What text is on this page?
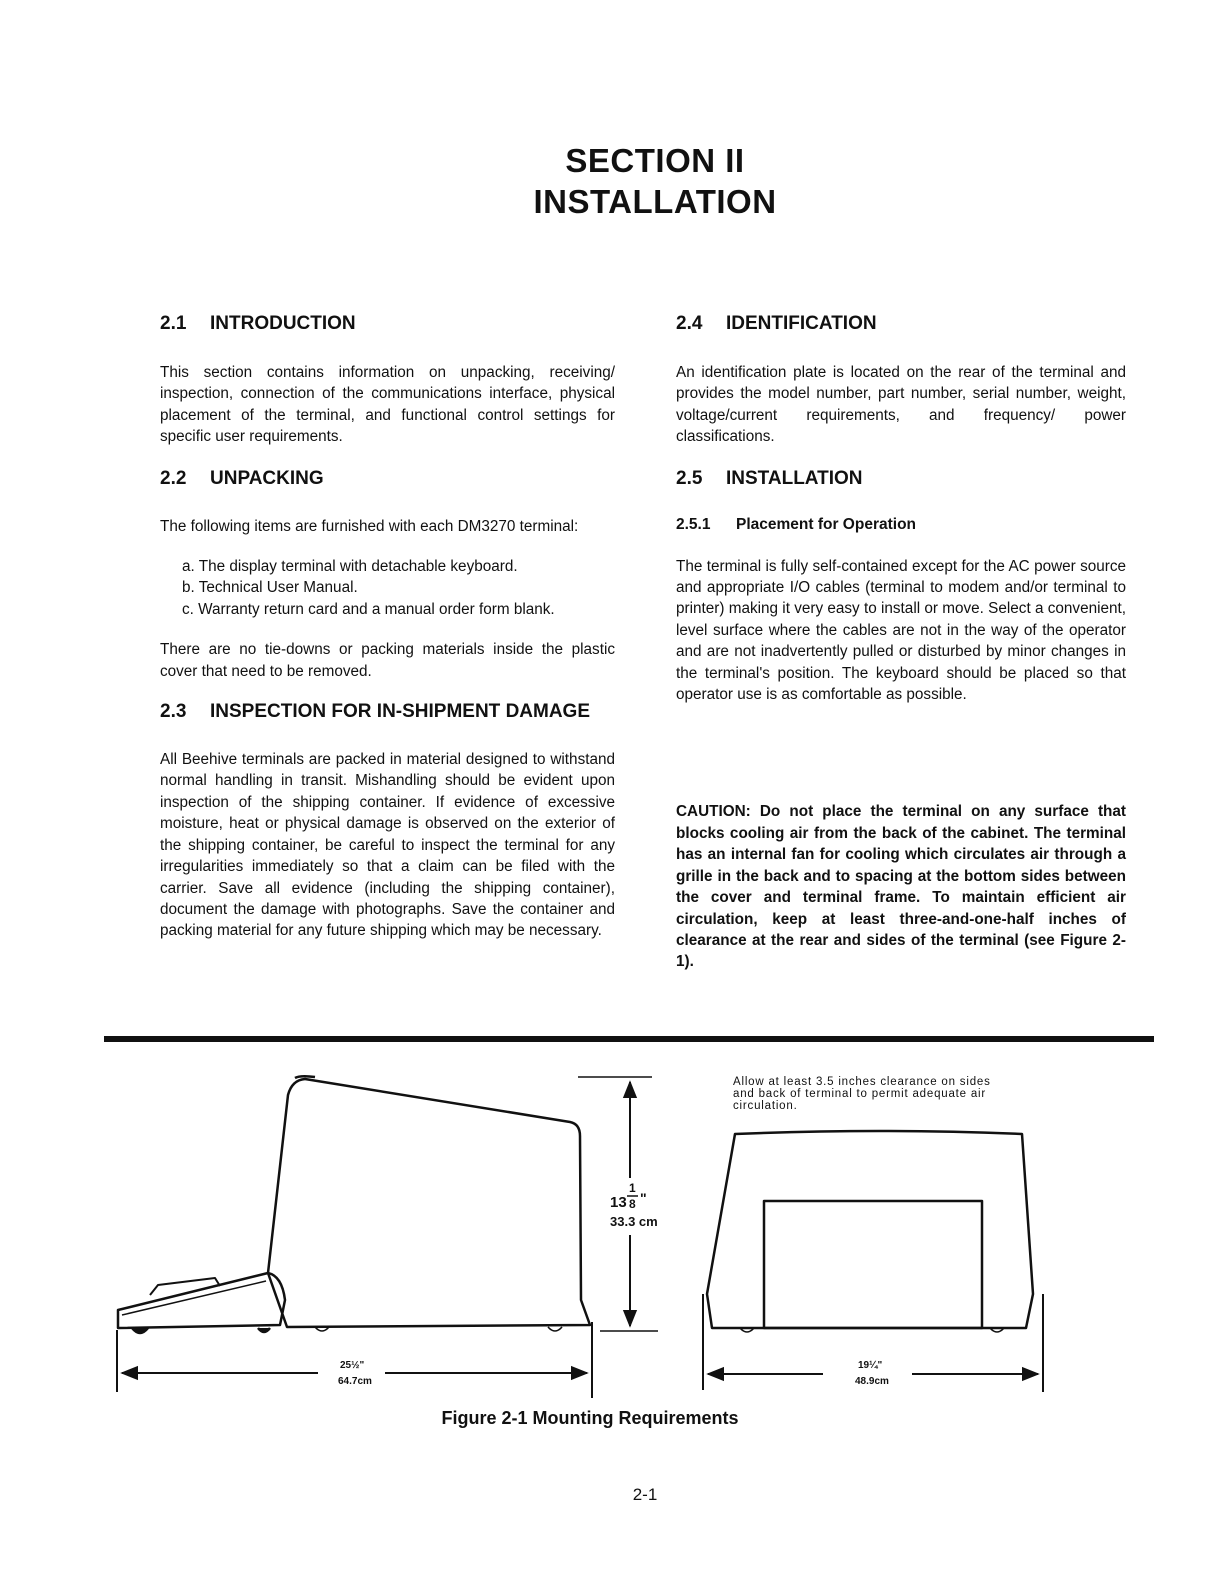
SECTION II
INSTALLATION
2.1 INTRODUCTION

This section contains information on unpacking, receiving/ inspection, connection of the communications interface, physical placement of the terminal, and functional control settings for specific user requirements.

2.2 UNPACKING

The following items are furnished with each DM3270 terminal:

a. The display terminal with detachable keyboard.
b. Technical User Manual.
c. Warranty return card and a manual order form blank.

There are no tie-downs or packing materials inside the plastic cover that need to be removed.

2.3 INSPECTION FOR IN-SHIPMENT DAMAGE

All Beehive terminals are packed in material designed to withstand normal handling in transit. Mishandling should be evident upon inspection of the shipping container. If evidence of excessive moisture, heat or physical damage is observed on the exterior of the shipping container, be careful to inspect the terminal for any irregularities immediately so that a claim can be filed with the carrier. Save all evidence (including the shipping container), document the damage with photographs. Save the container and packing material for any future shipping which may be necessary.

2.4 IDENTIFICATION

An identification plate is located on the rear of the terminal and provides the model number, part number, serial number, weight, voltage/current requirements, and frequency/ power classifications.

2.5 INSTALLATION
2.5.1 Placement for Operation

The terminal is fully self-contained except for the AC power source and appropriate I/O cables (terminal to modem and/or terminal to printer) making it very easy to install or move. Select a convenient, level surface where the cables are not in the way of the operator and are not inadvertently pulled or disturbed by minor changes in the terminal's position. The keyboard should be placed so that operator use is as comfortable as possible.

CAUTION: Do not place the terminal on any surface that blocks cooling air from the back of the cabinet. The terminal has an internal fan for cooling which circulates air through a grille in the back and to spacing at the bottom sides between the cover and terminal frame. To maintain efficient air circulation, keep at least three-and-one-half inches of clearance at the rear and sides of the terminal (see Figure 2-1).

13
1
8 "
33.3 cm
25½"
64.7cm
Allow at least 3.5 inches clearance on sides
and back of terminal to permit adequate air
circulation.
19¼"
48.9cm

Figure 2-1 Mounting Requirements

2-1
